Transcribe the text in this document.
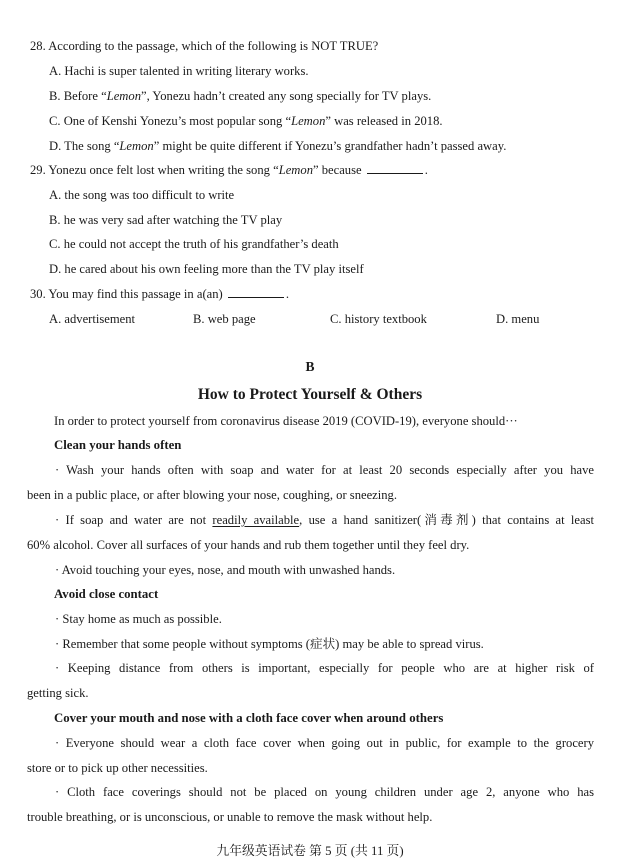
28. According to the passage, which of the following is NOT TRUE?
A. Hachi is super talented in writing literary works.
B. Before “Lemon”, Yonezu hadn’t created any song specially for TV plays.
C. One of Kenshi Yonezu’s most popular song “Lemon” was released in 2018.
D. The song “Lemon” might be quite different if Yonezu’s grandfather hadn’t passed away.
29. Yonezu once felt lost when writing the song “Lemon” because	.
A. the song was too difficult to write
B. he was very sad after watching the TV play
C. he could not accept the truth of his grandfather’s death
D. he cared about his own feeling more than the TV play itself
30. You may find this passage in a(an)	.
A. advertisement	B. web page	C. history textbook	D. menu
B
How to Protect Yourself & Others
In order to protect yourself from coronavirus disease 2019 (COVID-19), everyone should···
Clean your hands often
· Wash your hands often with soap and water for at least 20 seconds especially after you have
been in a public place, or after blowing your nose, coughing, or sneezing.
· If soap and water are not readily available, use a hand sanitizer(消毒剂) that contains at least
60% alcohol. Cover all surfaces of your hands and rub them together until they feel dry.
· Avoid touching your eyes, nose, and mouth with unwashed hands.
Avoid close contact
· Stay home as much as possible.
· Remember that some people without symptoms (症状) may be able to spread virus.
· Keeping distance from others is important, especially for people who are at higher risk of
getting sick.
Cover your mouth and nose with a cloth face cover when around others
· Everyone should wear a cloth face cover when going out in public, for example to the grocery
store or to pick up other necessities.
· Cloth face coverings should not be placed on young children under age 2, anyone who has
trouble breathing, or is unconscious, or unable to remove the mask without help.
九年级英语试卷 第 5 页 (共 11 页)
